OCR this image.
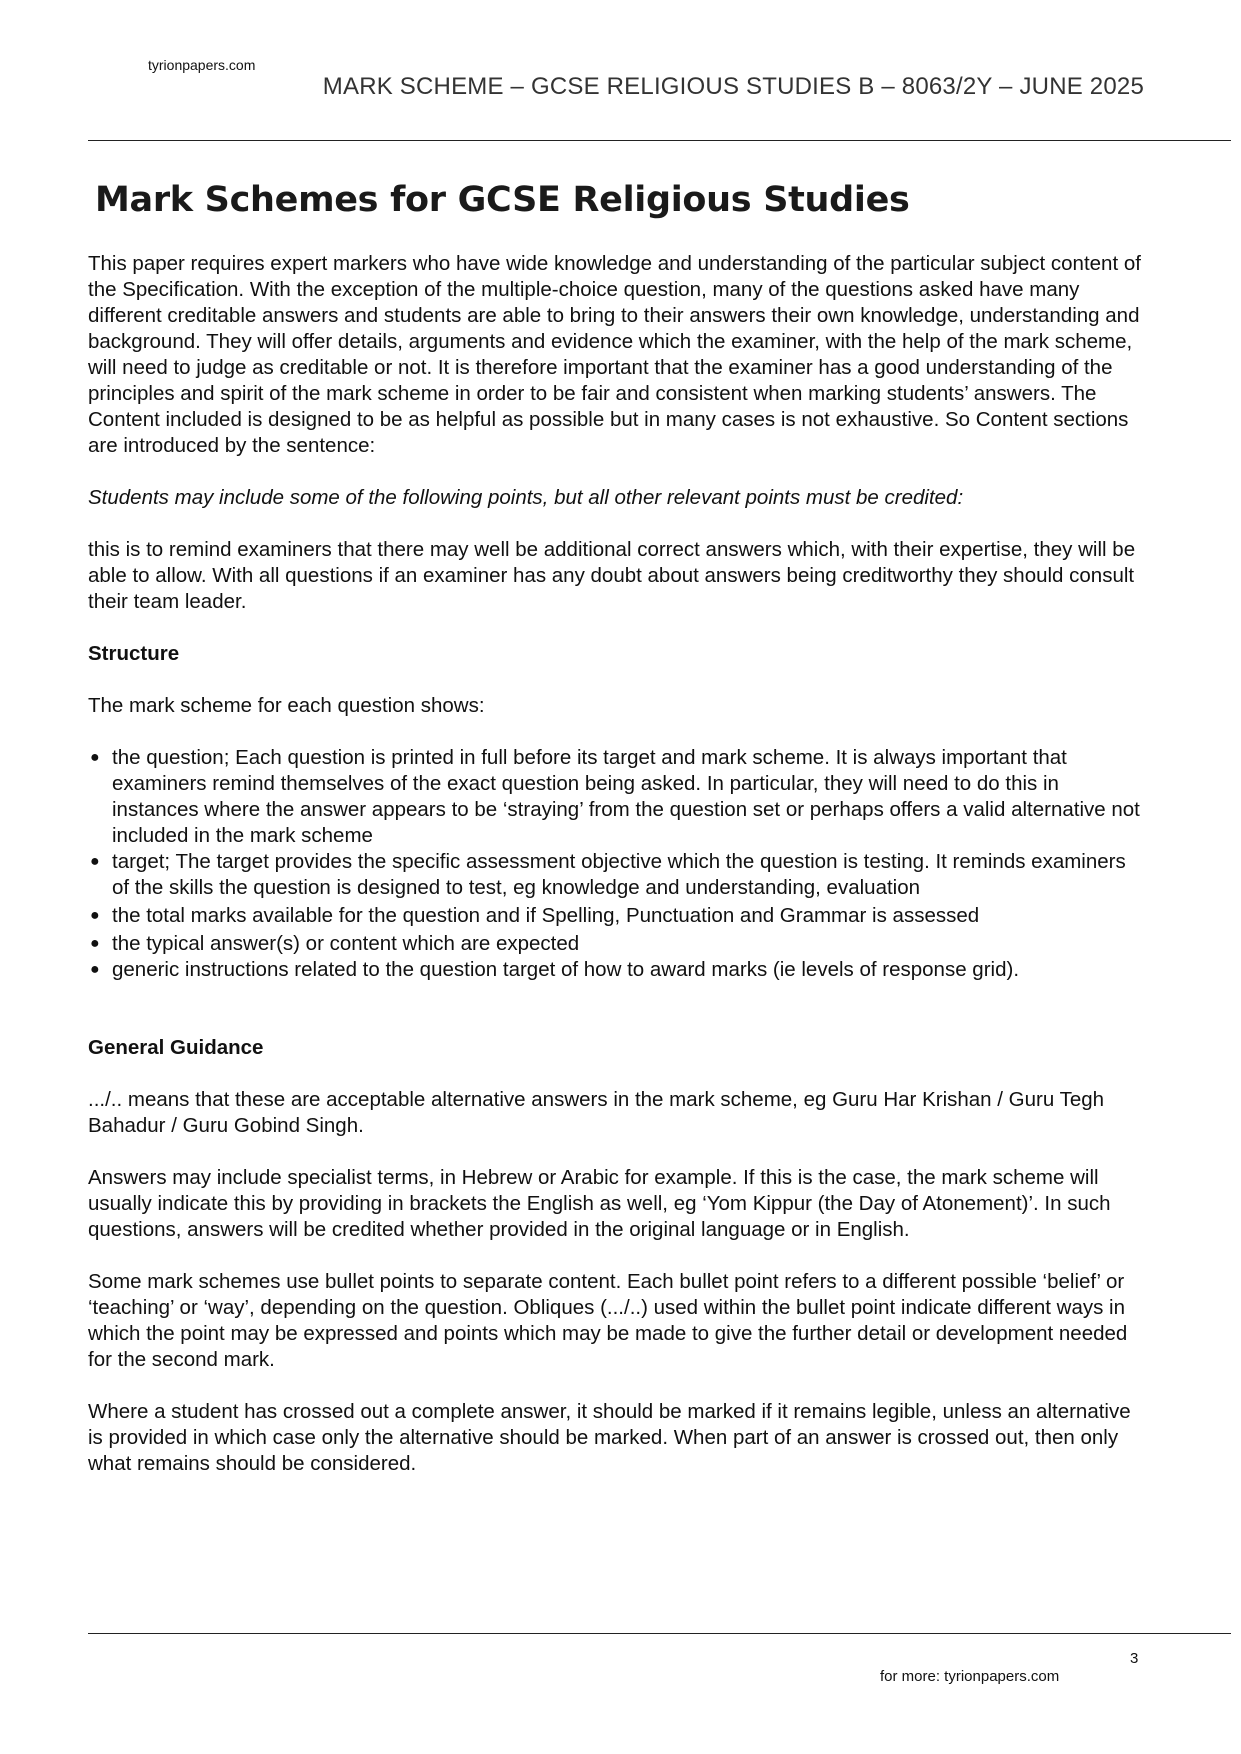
tyrionpapers.com
MARK SCHEME – GCSE RELIGIOUS STUDIES B – 8063/2Y – JUNE 2025
Mark Schemes for GCSE Religious Studies

This paper requires expert markers who have wide knowledge and understanding of the particular subject content of the Specification. With the exception of the multiple-choice question, many of the questions asked have many different creditable answers and students are able to bring to their answers their own knowledge, understanding and background. They will offer details, arguments and evidence which the examiner, with the help of the mark scheme, will need to judge as creditable or not. It is therefore important that the examiner has a good understanding of the principles and spirit of the mark scheme in order to be fair and consistent when marking students’ answers. The Content included is designed to be as helpful as possible but in many cases is not exhaustive. So Content sections are introduced by the sentence:

Students may include some of the following points, but all other relevant points must be credited:

this is to remind examiners that there may well be additional correct answers which, with their expertise, they will be able to allow. With all questions if an examiner has any doubt about answers being creditworthy they should consult their team leader.

Structure

The mark scheme for each question shows:

● the question; Each question is printed in full before its target and mark scheme. It is always important that examiners remind themselves of the exact question being asked. In particular, they will need to do this in instances where the answer appears to be ‘straying’ from the question set or perhaps offers a valid alternative not included in the mark scheme
● target; The target provides the specific assessment objective which the question is testing. It reminds examiners of the skills the question is designed to test, eg knowledge and understanding, evaluation
● the total marks available for the question and if Spelling, Punctuation and Grammar is assessed
● the typical answer(s) or content which are expected
● generic instructions related to the question target of how to award marks (ie levels of response grid).
General Guidance

.../.. means that these are acceptable alternative answers in the mark scheme, eg Guru Har Krishan / Guru Tegh Bahadur / Guru Gobind Singh.

Answers may include specialist terms, in Hebrew or Arabic for example. If this is the case, the mark scheme will usually indicate this by providing in brackets the English as well, eg ‘Yom Kippur (the Day of Atonement)’. In such questions, answers will be credited whether provided in the original language or in English.

Some mark schemes use bullet points to separate content. Each bullet point refers to a different possible ‘belief’ or ‘teaching’ or ‘way’, depending on the question. Obliques (.../..) used within the bullet point indicate different ways in which the point may be expressed and points which may be made to give the further detail or development needed for the second mark.

Where a student has crossed out a complete answer, it should be marked if it remains legible, unless an alternative is provided in which case only the alternative should be marked. When part of an answer is crossed out, then only what remains should be considered.

3
for more: tyrionpapers.com
